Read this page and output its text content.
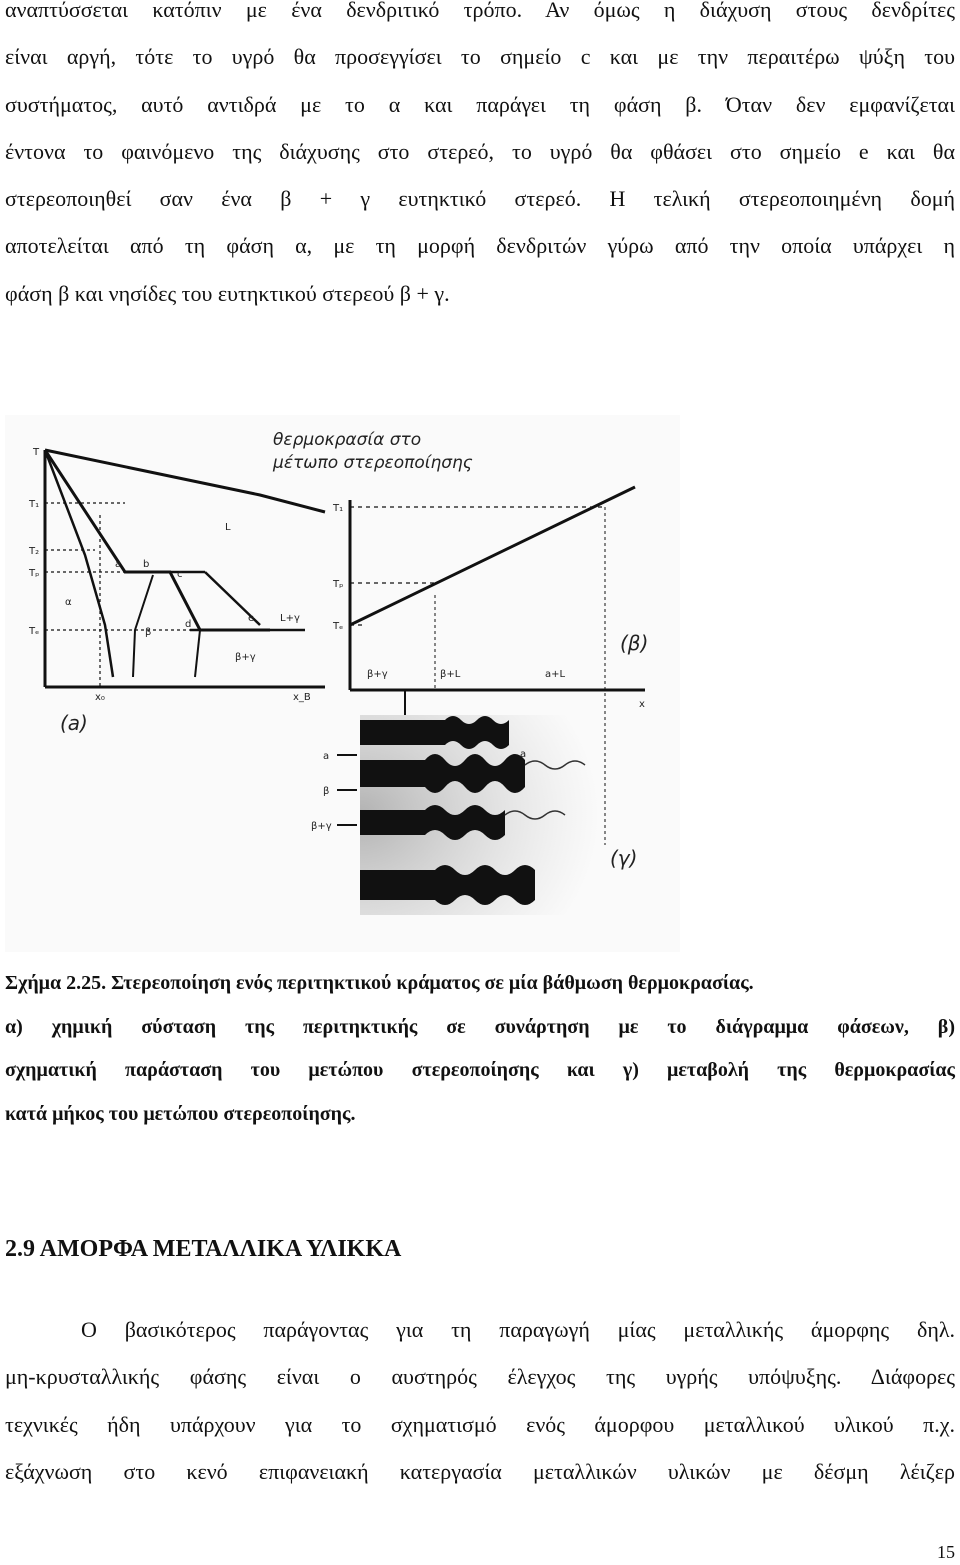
αναπτύσσεται κατόπιν με ένα δενδριτικό τρόπο. Αν όμως η διάχυση στους δενδρίτες
είναι αργή, τότε το υγρό θα προσεγγίσει το σημείο c και με την περαιτέρω ψύξη του
συστήματος, αυτό αντιδρά με το α και παράγει τη φάση β. Όταν δεν εμφανίζεται
έντονα το φαινόμενο της διάχυσης στο στερεό, το υγρό θα φθάσει στο σημείο e και θα
στερεοποιηθεί σαν ένα β + γ ευτηκτικό στερεό. Η τελική στερεοποιημένη δομή
αποτελείται από τη φάση α, με τη μορφή δενδριτών γύρω από την οποία υπάρχει η
φάση β και νησίδες του ευτηκτικού στερεού β + γ.
T
T₁
T₂
Tₚ
Tₑ
x₀	x_B
a b
c
d
e
L
α
β
L+γ
β+γ
(a)
θερμοκρασία στο
μέτωπο στερεοποίησης
T₁
Tₚ
Tₑ
x
β+γ	β+L	a+L
(β)
a
β
β+γ
a
(γ)
Σχήμα 2.25. Στερεοποίηση ενός περιτηκτικού κράματος σε μία βάθμωση θερμοκρασίας.
α) χημική σύσταση της περιτηκτικής σε συνάρτηση με το διάγραμμα φάσεων, β)
σχηματική παράσταση του μετώπου στερεοποίησης και γ) μεταβολή της θερμοκρασίας
κατά μήκος του μετώπου στερεοποίησης.
2.9 ΑΜΟΡΦΑ ΜΕΤΑΛΛΙΚΑ ΥΛΙΚΚΑ
Ο βασικότερος παράγοντας για τη παραγωγή μίας μεταλλικής άμορφης δηλ.
μη-κρυσταλλικής φάσης είναι ο αυστηρός έλεγχος της υγρής υπόψυξης. Διάφορες
τεχνικές ήδη υπάρχουν για το σχηματισμό ενός άμορφου μεταλλικού υλικού π.χ.
εξάχνωση στο κενό επιφανειακή κατεργασία μεταλλικών υλικών με δέσμη λέιζερ
15
